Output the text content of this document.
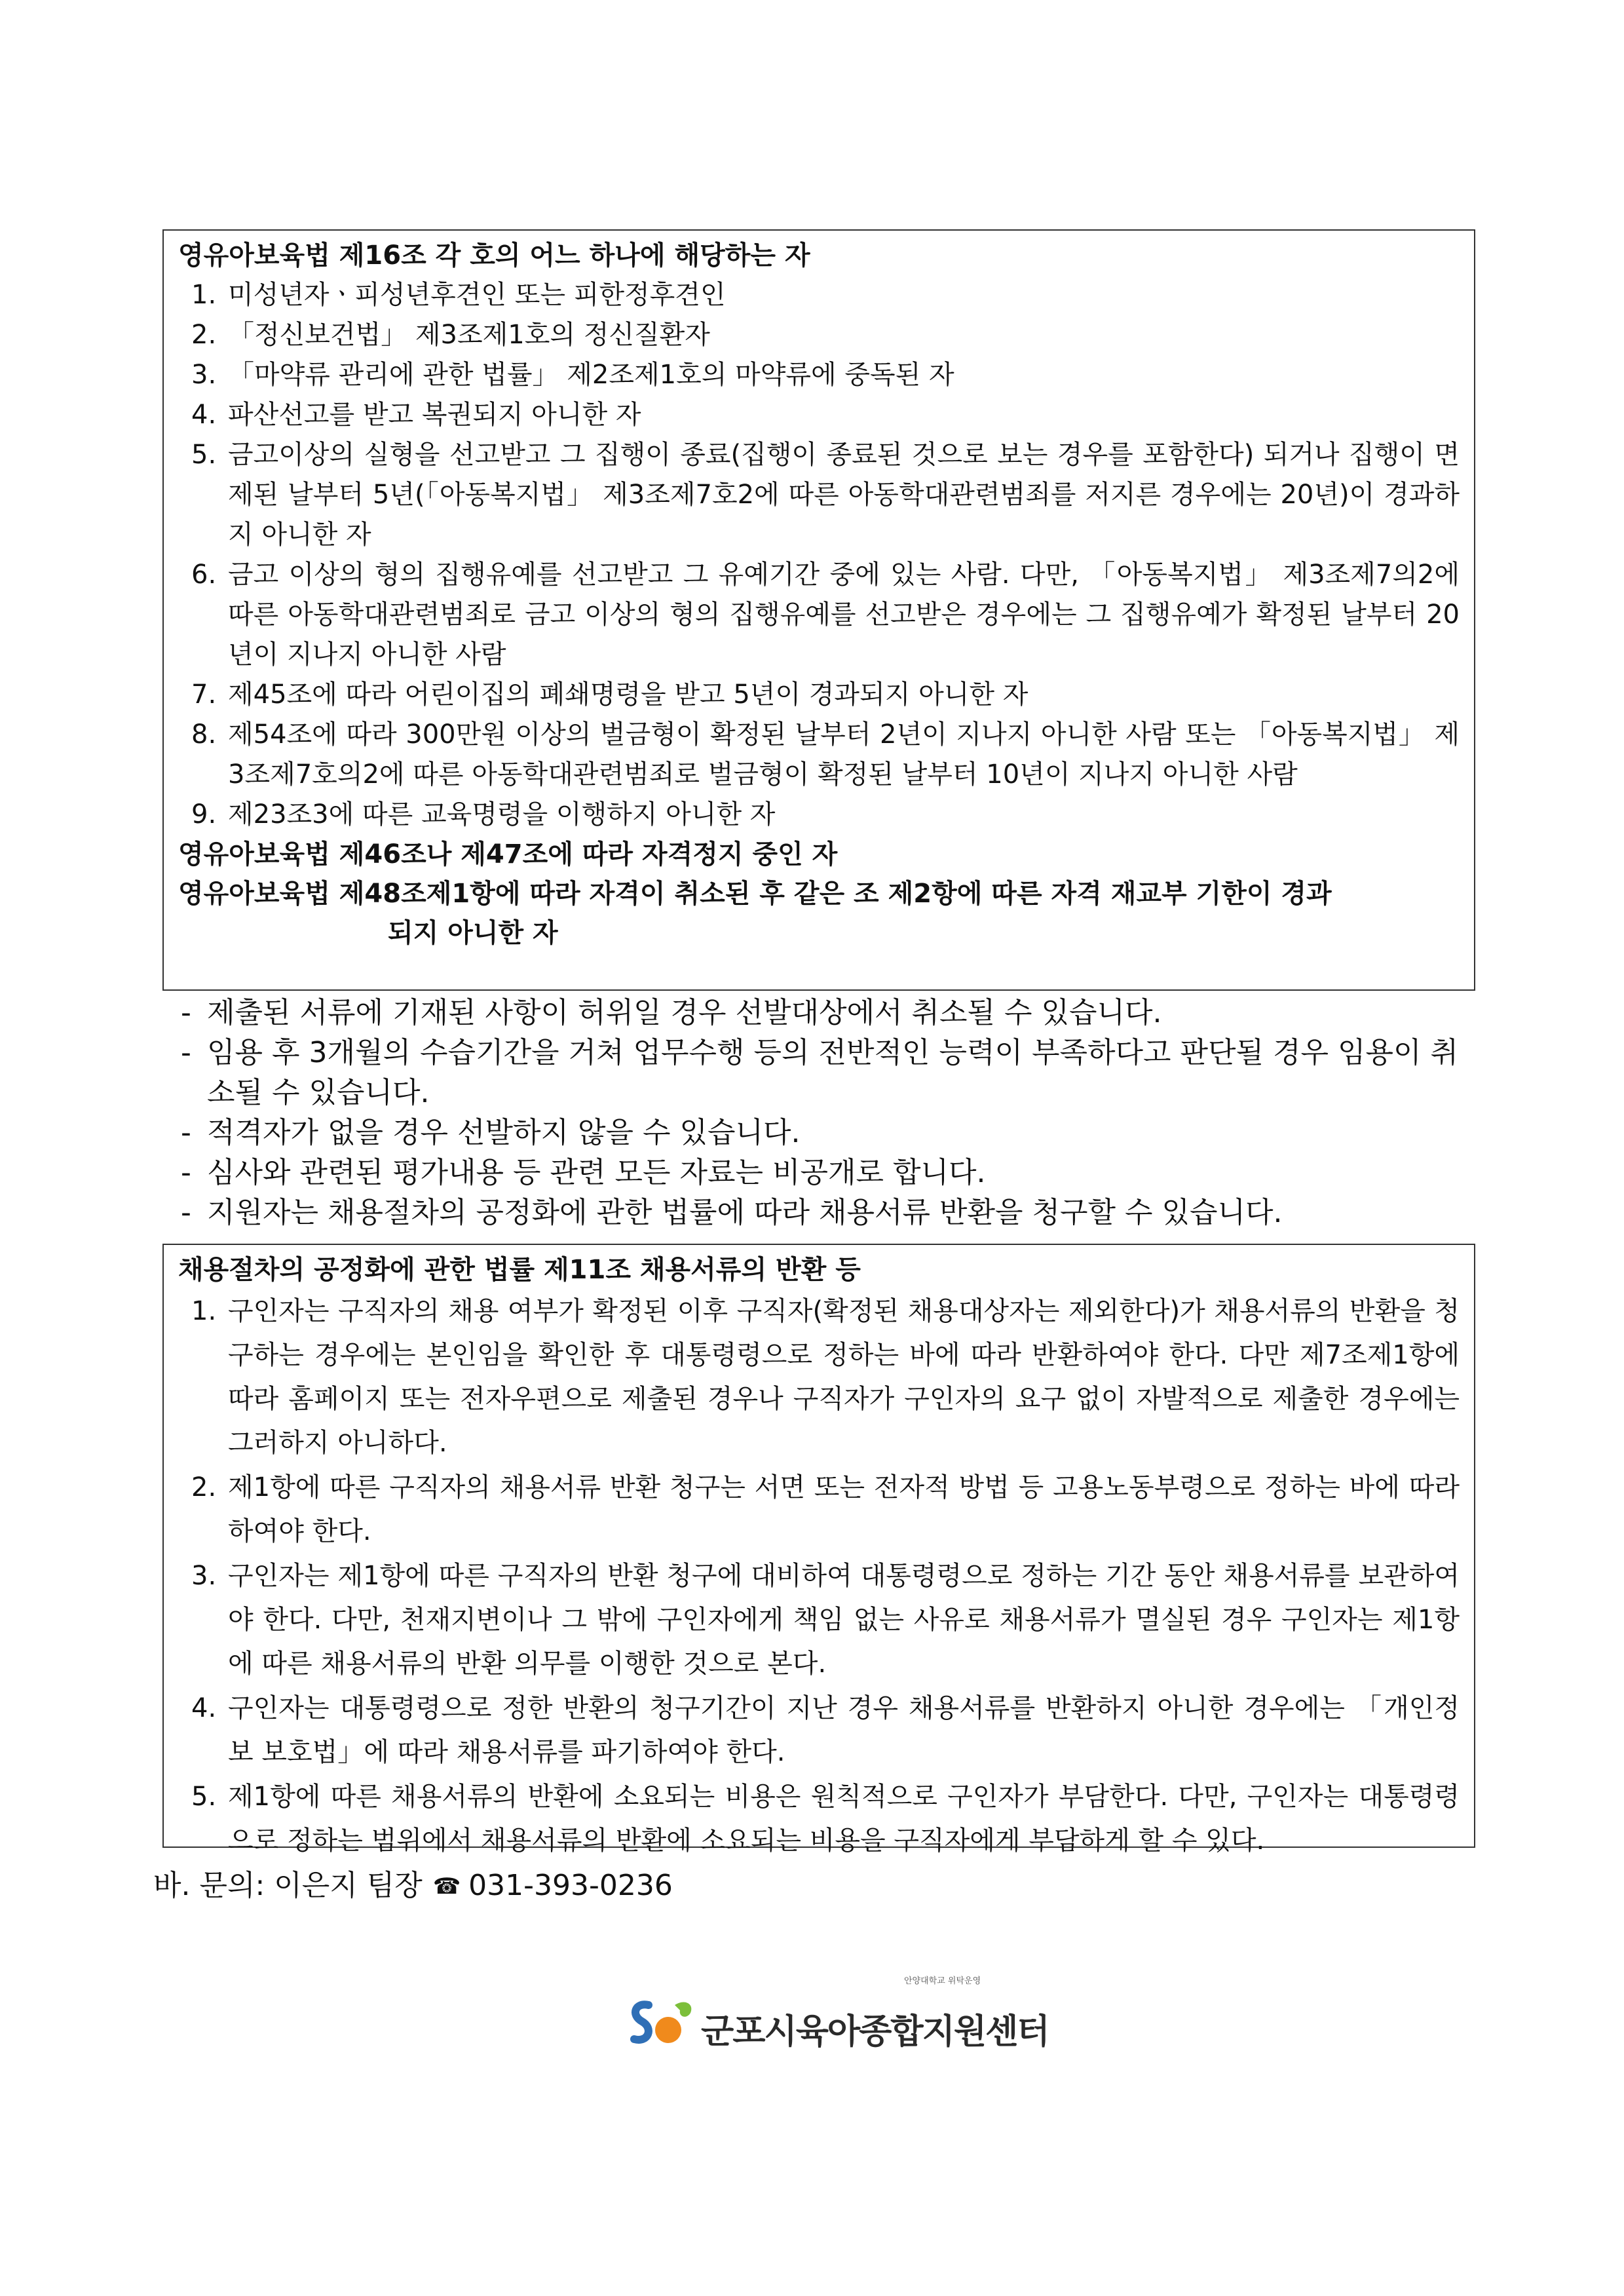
영유아보육법 제16조 각 호의 어느 하나에 해당하는 자
1. 미성년자ㆍ피성년후견인 또는 피한정후견인
2. 「정신보건법」 제3조제1호의 정신질환자
3. 「마약류 관리에 관한 법률」 제2조제1호의 마약류에 중독된 자
4. 파산선고를 받고 복권되지 아니한 자
5. 금고이상의 실형을 선고받고 그 집행이 종료(집행이 종료된 것으로 보는 경우를 포함한다) 되거나 집행이 면제된 날부터 5년(「아동복지법」 제3조제7호2에 따른 아동학대관련범죄를 저지른 경우에는 20년)이 경과하지 아니한 자
6. 금고 이상의 형의 집행유예를 선고받고 그 유예기간 중에 있는 사람. 다만, 「아동복지법」 제3조제7의2에 따른 아동학대관련범죄로 금고 이상의 형의 집행유예를 선고받은 경우에는 그 집행유예가 확정된 날부터 20년이 지나지 아니한 사람
7. 제45조에 따라 어린이집의 폐쇄명령을 받고 5년이 경과되지 아니한 자
8. 제54조에 따라 300만원 이상의 벌금형이 확정된 날부터 2년이 지나지 아니한 사람 또는 「아동복지법」 제3조제7호의2에 따른 아동학대관련범죄로 벌금형이 확정된 날부터 10년이 지나지 아니한 사람
9. 제23조3에 따른 교육명령을 이행하지 아니한 자
영유아보육법 제46조나 제47조에 따라 자격정지 중인 자
영유아보육법 제48조제1항에 따라 자격이 취소된 후 같은 조 제2항에 따른 자격 재교부 기한이 경과
되지 아니한 자
- 제출된 서류에 기재된 사항이 허위일 경우 선발대상에서 취소될 수 있습니다.
- 임용 후 3개월의 수습기간을 거쳐 업무수행 등의 전반적인 능력이 부족하다고 판단될 경우 임용이 취소될 수 있습니다.
- 적격자가 없을 경우 선발하지 않을 수 있습니다.
- 심사와 관련된 평가내용 등 관련 모든 자료는 비공개로 합니다.
- 지원자는 채용절차의 공정화에 관한 법률에 따라 채용서류 반환을 청구할 수 있습니다.
채용절차의 공정화에 관한 법률 제11조 채용서류의 반환 등
1. 구인자는 구직자의 채용 여부가 확정된 이후 구직자(확정된 채용대상자는 제외한다)가 채용서류의 반환을 청구하는 경우에는 본인임을 확인한 후 대통령령으로 정하는 바에 따라 반환하여야 한다. 다만 제7조제1항에 따라 홈페이지 또는 전자우편으로 제출된 경우나 구직자가 구인자의 요구 없이 자발적으로 제출한 경우에는 그러하지 아니하다.
2. 제1항에 따른 구직자의 채용서류 반환 청구는 서면 또는 전자적 방법 등 고용노동부령으로 정하는 바에 따라 하여야 한다.
3. 구인자는 제1항에 따른 구직자의 반환 청구에 대비하여 대통령령으로 정하는 기간 동안 채용서류를 보관하여야 한다. 다만, 천재지변이나 그 밖에 구인자에게 책임 없는 사유로 채용서류가 멸실된 경우 구인자는 제1항에 따른 채용서류의 반환 의무를 이행한 것으로 본다.
4. 구인자는 대통령령으로 정한 반환의 청구기간이 지난 경우 채용서류를 반환하지 아니한 경우에는 「개인정보 보호법」에 따라 채용서류를 파기하여야 한다.
5. 제1항에 따른 채용서류의 반환에 소요되는 비용은 원칙적으로 구인자가 부담한다. 다만, 구인자는 대통령령으로 정하는 범위에서 채용서류의 반환에 소요되는 비용을 구직자에게 부담하게 할 수 있다.
바. 문의: 이은지 팀장 ☎ 031-393-0236
안양대학교 위탁운영
군포시육아종합지원센터
